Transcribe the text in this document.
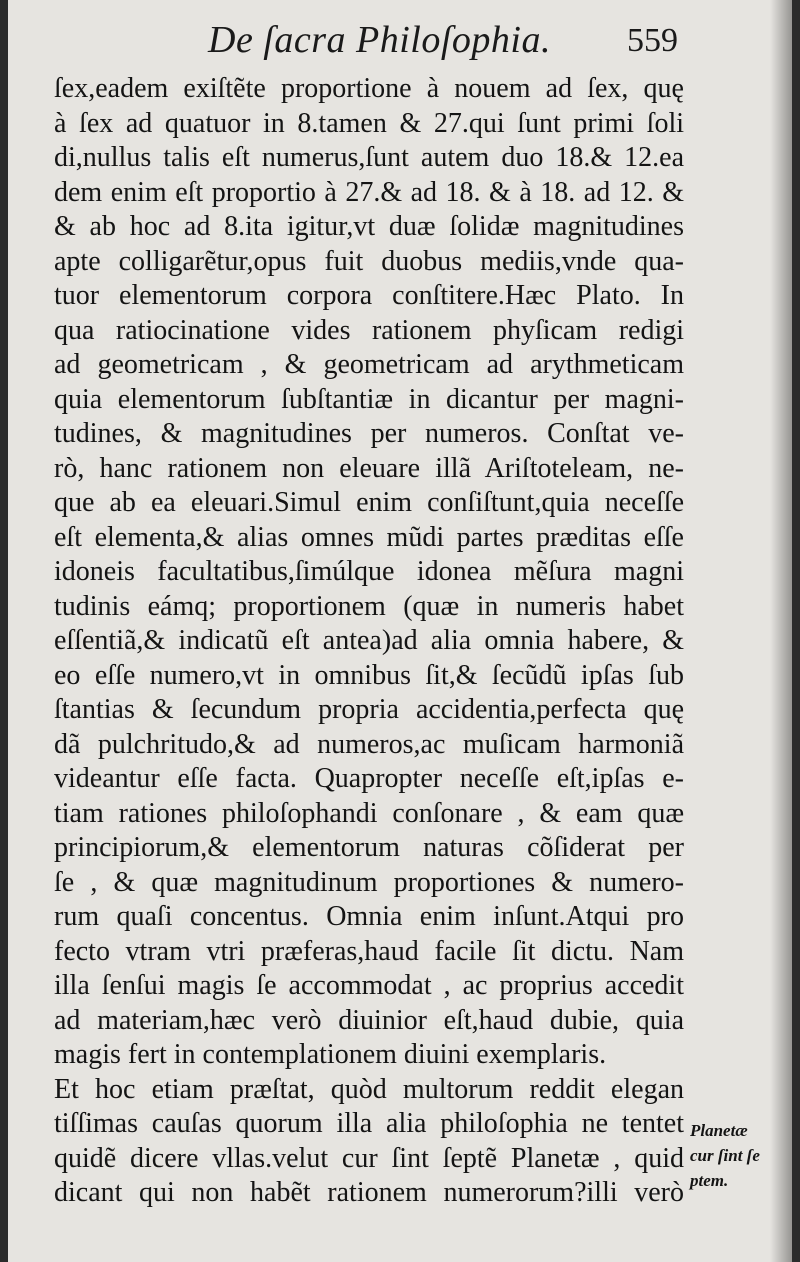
De ſacra Philoſophia. 559
ſex,eadem exiſtẽte proportione à nouem ad ſex, quę
à ſex ad quatuor in 8.tamen & 27.qui ſunt primi ſoli
di,nullus talis eſt numerus,ſunt autem duo 18.& 12.ea
dem enim eſt proportio à 27.& ad 18. & à 18. ad 12. &
& ab hoc ad 8.ita igitur,vt duæ ſolidæ magnitudines
apte colligarẽtur,opus fuit duobus mediis,vnde qua-
tuor elementorum corpora conſtitere.Hæc Plato. In
qua ratiocinatione vides rationem phyſicam redigi
ad geometricam , & geometricam ad arythmeticam
quia elementorum ſubſtantiæ in dicantur per magni-
tudines, & magnitudines per numeros. Conſtat ve-
rò, hanc rationem non eleuare illã Ariſtoteleam, ne-
que ab ea eleuari.Simul enim conſiſtunt,quia neceſſe
eſt elementa,& alias omnes mũdi partes præditas eſſe
idoneis facultatibus,ſimúlque idonea mẽſura magni
tudinis eámq; proportionem (quæ in numeris habet
eſſentiã,& indicatũ eſt antea)ad alia omnia habere, &
eo eſſe numero,vt in omnibus ſit,& ſecũdũ ipſas ſub
ſtantias & ſecundum propria accidentia,perfecta quę
dã pulchritudo,& ad numeros,ac muſicam harmoniã
videantur eſſe facta. Quapropter neceſſe eſt,ipſas e-
tiam rationes philoſophandi conſonare , & eam quæ
principiorum,& elementorum naturas cõſiderat per
ſe , & quæ magnitudinum proportiones & numero-
rum quaſi concentus. Omnia enim inſunt.Atqui pro
fecto vtram vtri præferas,haud facile ſit dictu. Nam
illa ſenſui magis ſe accommodat , ac proprius accedit
ad materiam,hæc verò diuinior eſt,haud dubie, quia
magis fert in contemplationem diuini exemplaris.
Et hoc etiam præſtat, quòd multorum reddit elegan
tiſſimas cauſas quorum illa alia philoſophia ne tentet
quidẽ dicere vllas.velut cur ſint ſeptẽ Planetæ , quid
dicant qui non habẽt rationem numerorum?illi verò
Planetæ
cur ſint ſe
ptem.
